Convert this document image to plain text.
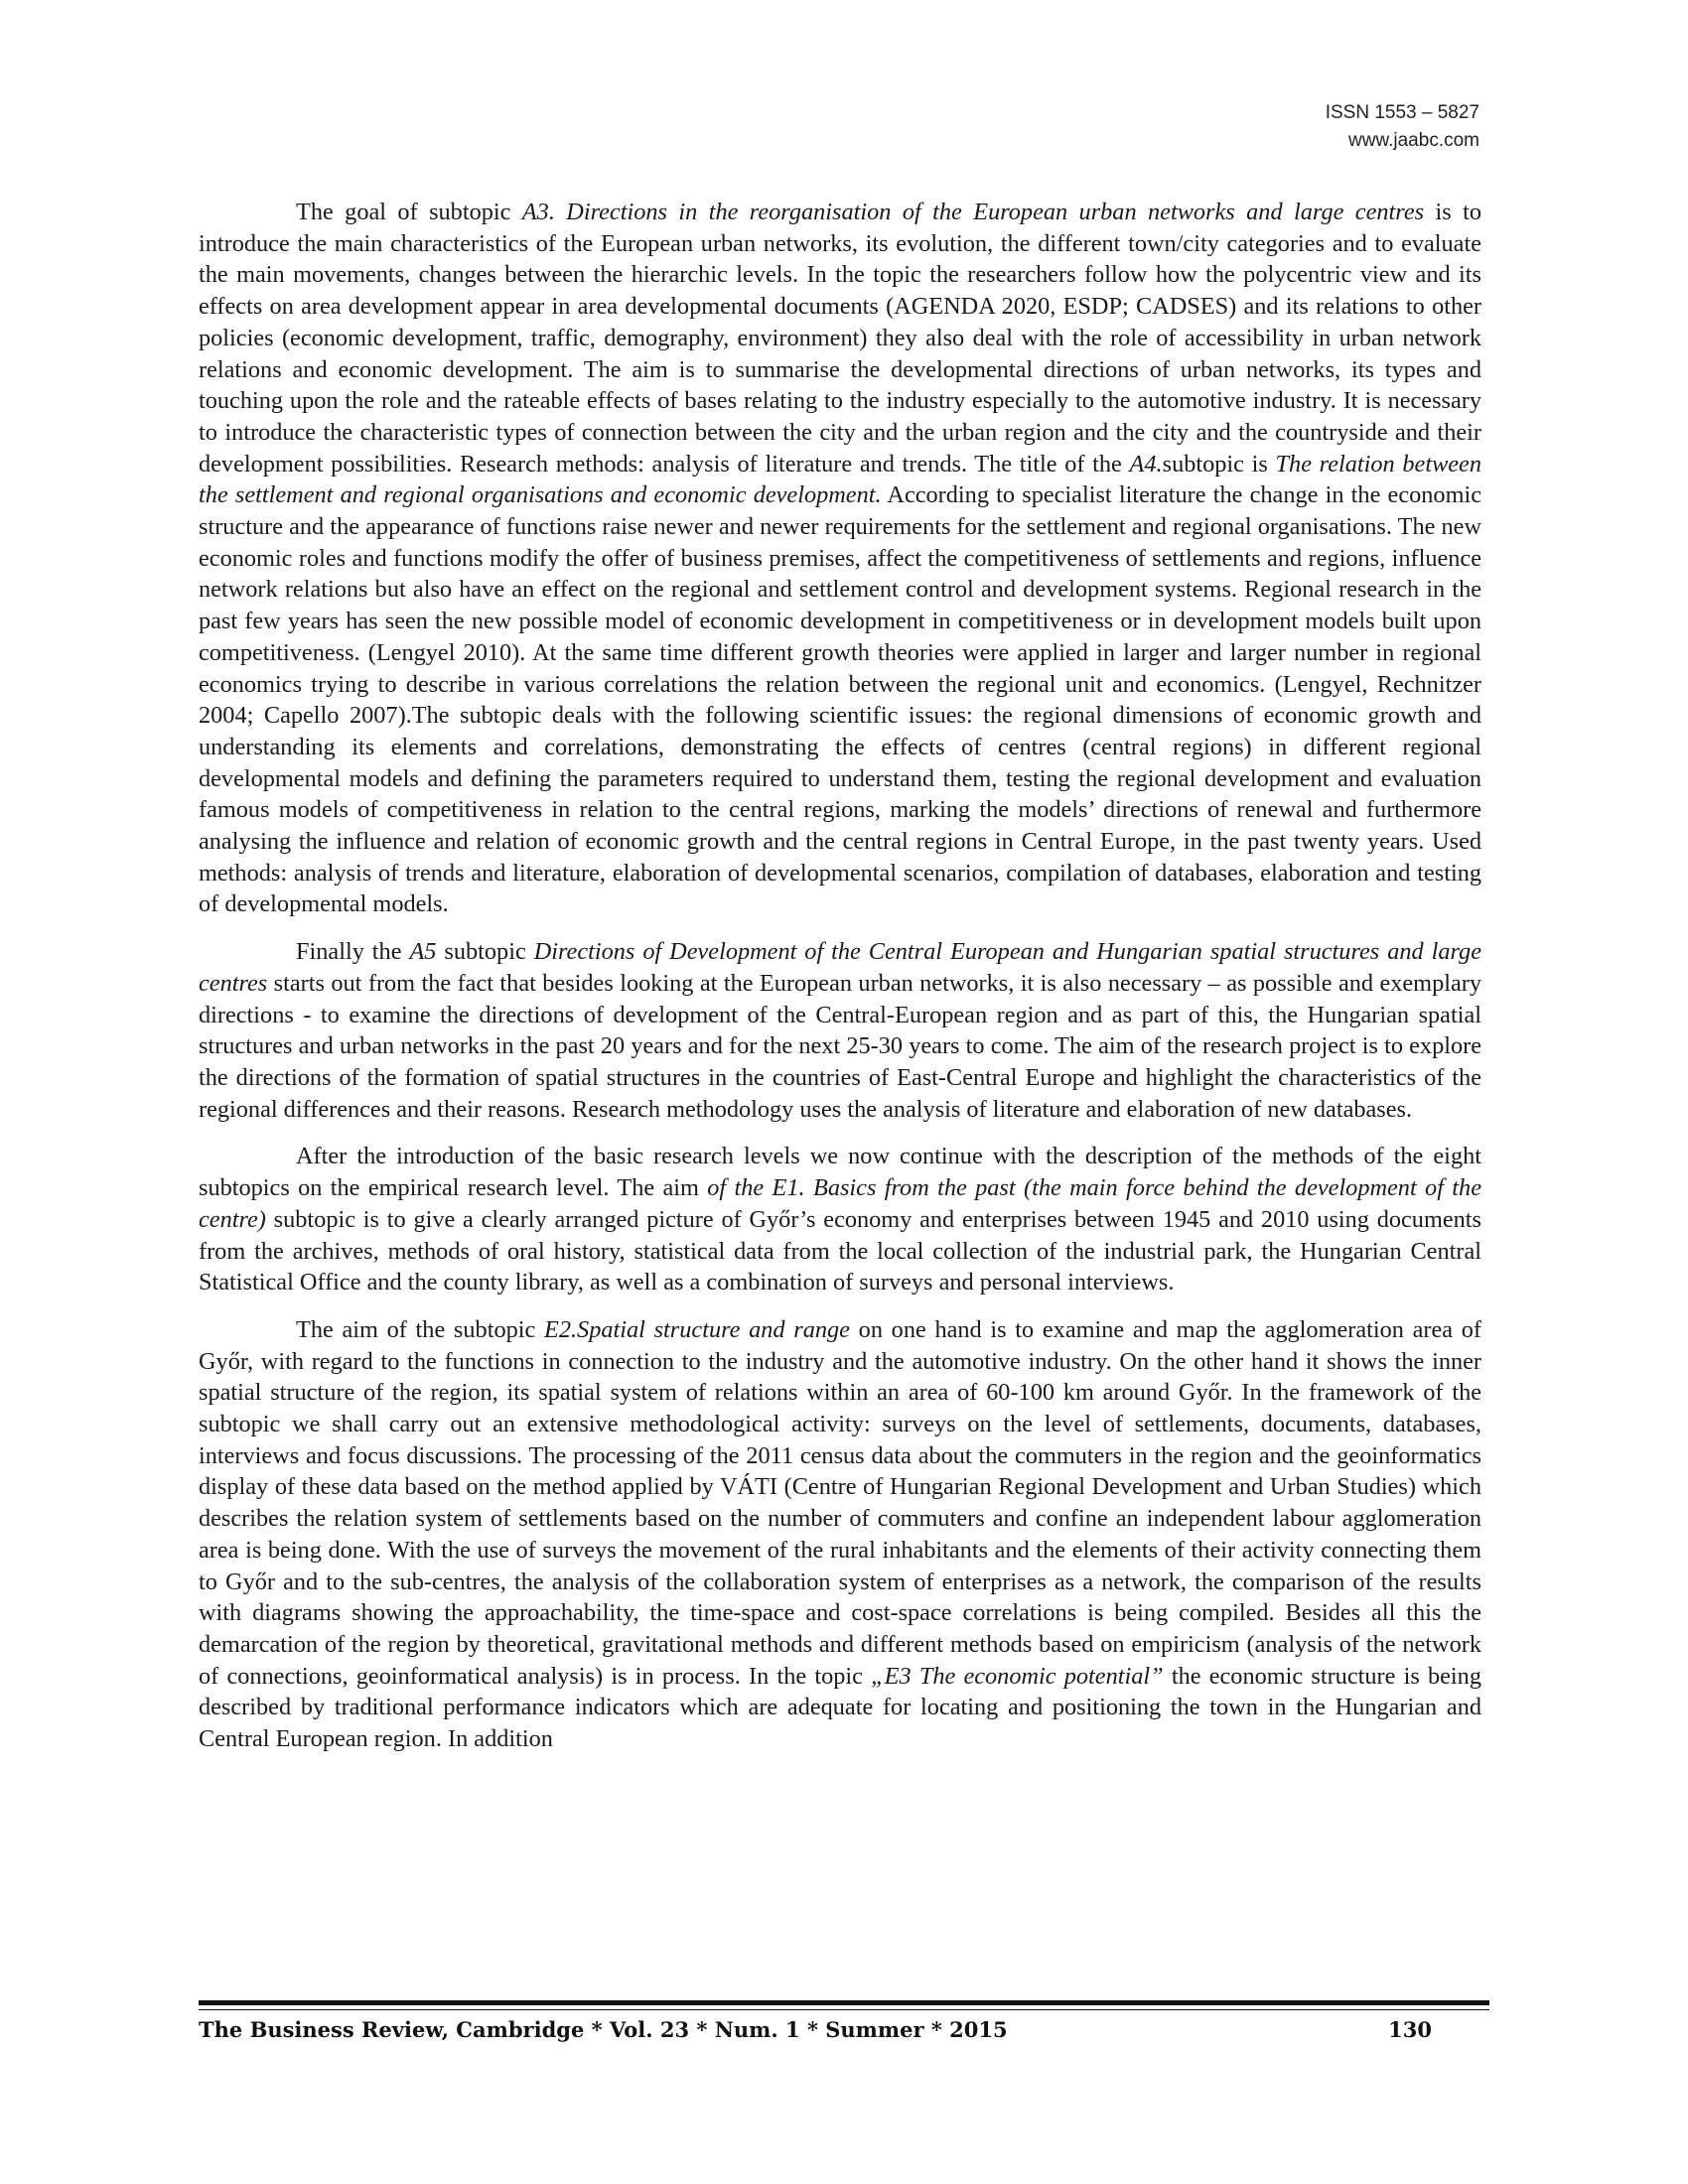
ISSN 1553 – 5827
www.jaabc.com

The goal of subtopic A3. Directions in the reorganisation of the European urban networks and large centres is to introduce the main characteristics of the European urban networks, its evolution, the different town/city categories and to evaluate the main movements, changes between the hierarchic levels. In the topic the researchers follow how the polycentric view and its effects on area development appear in area developmental documents (AGENDA 2020, ESDP; CADSES) and its relations to other policies (economic development, traffic, demography, environment) they also deal with the role of accessibility in urban network relations and economic development. The aim is to summarise the developmental directions of urban networks, its types and touching upon the role and the rateable effects of bases relating to the industry especially to the automotive industry. It is necessary to introduce the characteristic types of connection between the city and the urban region and the city and the countryside and their development possibilities. Research methods: analysis of literature and trends. The title of the A4.subtopic is The relation between the settlement and regional organisations and economic development. According to specialist literature the change in the economic structure and the appearance of functions raise newer and newer requirements for the settlement and regional organisations. The new economic roles and functions modify the offer of business premises, affect the competitiveness of settlements and regions, influence network relations but also have an effect on the regional and settlement control and development systems. Regional research in the past few years has seen the new possible model of economic development in competitiveness or in development models built upon competitiveness. (Lengyel 2010). At the same time different growth theories were applied in larger and larger number in regional economics trying to describe in various correlations the relation between the regional unit and economics. (Lengyel, Rechnitzer 2004; Capello 2007).The subtopic deals with the following scientific issues: the regional dimensions of economic growth and understanding its elements and correlations, demonstrating the effects of centres (central regions) in different regional developmental models and defining the parameters required to understand them, testing the regional development and evaluation famous models of competitiveness in relation to the central regions, marking the models’ directions of renewal and furthermore analysing the influence and relation of economic growth and the central regions in Central Europe, in the past twenty years. Used methods: analysis of trends and literature, elaboration of developmental scenarios, compilation of databases, elaboration and testing of developmental models.

Finally the A5 subtopic Directions of Development of the Central European and Hungarian spatial structures and large centres starts out from the fact that besides looking at the European urban networks, it is also necessary – as possible and exemplary directions - to examine the directions of development of the Central-European region and as part of this, the Hungarian spatial structures and urban networks in the past 20 years and for the next 25-30 years to come. The aim of the research project is to explore the directions of the formation of spatial structures in the countries of East-Central Europe and highlight the characteristics of the regional differences and their reasons. Research methodology uses the analysis of literature and elaboration of new databases.

After the introduction of the basic research levels we now continue with the description of the methods of the eight subtopics on the empirical research level. The aim of the E1. Basics from the past (the main force behind the development of the centre) subtopic is to give a clearly arranged picture of Győr’s economy and enterprises between 1945 and 2010 using documents from the archives, methods of oral history, statistical data from the local collection of the industrial park, the Hungarian Central Statistical Office and the county library, as well as a combination of surveys and personal interviews.

The aim of the subtopic E2.Spatial structure and range on one hand is to examine and map the agglomeration area of Győr, with regard to the functions in connection to the industry and the automotive industry. On the other hand it shows the inner spatial structure of the region, its spatial system of relations within an area of 60-100 km around Győr. In the framework of the subtopic we shall carry out an extensive methodological activity: surveys on the level of settlements, documents, databases, interviews and focus discussions. The processing of the 2011 census data about the commuters in the region and the geoinformatics display of these data based on the method applied by VÁTI (Centre of Hungarian Regional Development and Urban Studies) which describes the relation system of settlements based on the number of commuters and confine an independent labour agglomeration area is being done. With the use of surveys the movement of the rural inhabitants and the elements of their activity connecting them to Győr and to the sub-centres, the analysis of the collaboration system of enterprises as a network, the comparison of the results with diagrams showing the approachability, the time-space and cost-space correlations is being compiled. Besides all this the demarcation of the region by theoretical, gravitational methods and different methods based on empiricism (analysis of the network of connections, geoinformatical analysis) is in process. In the topic „E3 The economic potential” the economic structure is being described by traditional performance indicators which are adequate for locating and positioning the town in the Hungarian and Central European region. In addition

The Business Review, Cambridge * Vol. 23 * Num. 1 * Summer * 2015	130
